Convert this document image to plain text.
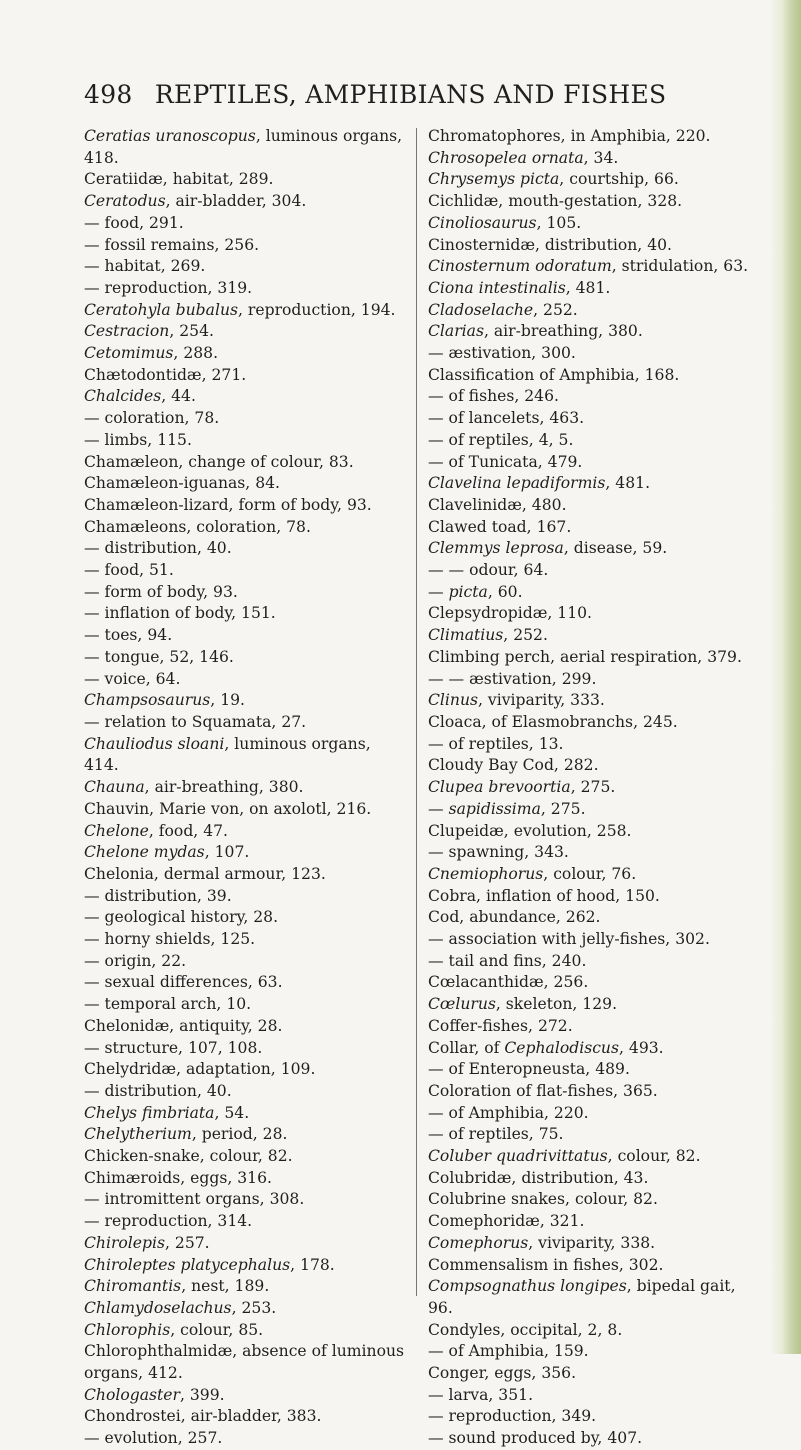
498 REPTILES, AMPHIBIANS AND FISHES
Ceratias uranoscopus, luminous organs,
418.
Ceratiidæ, habitat, 289.
Ceratodus, air-bladder, 304.
— food, 291.
— fossil remains, 256.
— habitat, 269.
— reproduction, 319.
Ceratohyla bubalus, reproduction, 194.
Cestracion, 254.
Cetomimus, 288.
Chætodontidæ, 271.
Chalcides, 44.
— coloration, 78.
— limbs, 115.
Chamæleon, change of colour, 83.
Chamæleon-iguanas, 84.
Chamæleon-lizard, form of body, 93.
Chamæleons, coloration, 78.
— distribution, 40.
— food, 51.
— form of body, 93.
— inflation of body, 151.
— toes, 94.
— tongue, 52, 146.
— voice, 64.
Champsosaurus, 19.
— relation to Squamata, 27.
Chauliodus sloani, luminous organs,
414.
Chauna, air-breathing, 380.
Chauvin, Marie von, on axolotl, 216.
Chelone, food, 47.
Chelone mydas, 107.
Chelonia, dermal armour, 123.
— distribution, 39.
— geological history, 28.
— horny shields, 125.
— origin, 22.
— sexual differences, 63.
— temporal arch, 10.
Chelonidæ, antiquity, 28.
— structure, 107, 108.
Chelydridæ, adaptation, 109.
— distribution, 40.
Chelys fimbriata, 54.
Chelytherium, period, 28.
Chicken-snake, colour, 82.
Chimæroids, eggs, 316.
— intromittent organs, 308.
— reproduction, 314.
Chirolepis, 257.
Chiroleptes platycephalus, 178.
Chiromantis, nest, 189.
Chlamydoselachus, 253.
Chlorophis, colour, 85.
Chlorophthalmidæ, absence of luminous
organs, 412.
Chologaster, 399.
Chondrostei, air-bladder, 383.
— evolution, 257.
Chromatophores, in Amphibia, 220.
Chrosopelea ornata, 34.
Chrysemys picta, courtship, 66.
Cichlidæ, mouth-gestation, 328.
Cinoliosaurus, 105.
Cinosternidæ, distribution, 40.
Cinosternum odoratum, stridulation, 63.
Ciona intestinalis, 481.
Cladoselache, 252.
Clarias, air-breathing, 380.
— æstivation, 300.
Classification of Amphibia, 168.
— of fishes, 246.
— of lancelets, 463.
— of reptiles, 4, 5.
— of Tunicata, 479.
Clavelina lepadiformis, 481.
Clavelinidæ, 480.
Clawed toad, 167.
Clemmys leprosa, disease, 59.
— — odour, 64.
— picta, 60.
Clepsydropidæ, 110.
Climatius, 252.
Climbing perch, aerial respiration, 379.
— — æstivation, 299.
Clinus, viviparity, 333.
Cloaca, of Elasmobranchs, 245.
— of reptiles, 13.
Cloudy Bay Cod, 282.
Clupea brevoortia, 275.
— sapidissima, 275.
Clupeidæ, evolution, 258.
— spawning, 343.
Cnemiophorus, colour, 76.
Cobra, inflation of hood, 150.
Cod, abundance, 262.
— association with jelly-fishes, 302.
— tail and fins, 240.
Cœlacanthidæ, 256.
Cœlurus, skeleton, 129.
Coffer-fishes, 272.
Collar, of Cephalodiscus, 493.
— of Enteropneusta, 489.
Coloration of flat-fishes, 365.
— of Amphibia, 220.
— of reptiles, 75.
Coluber quadrivittatus, colour, 82.
Colubridæ, distribution, 43.
Colubrine snakes, colour, 82.
Comephoridæ, 321.
Comephorus, viviparity, 338.
Commensalism in fishes, 302.
Compsognathus longipes, bipedal gait,
96.
Condyles, occipital, 2, 8.
— of Amphibia, 159.
Conger, eggs, 356.
— larva, 351.
— reproduction, 349.
— sound produced by, 407.
